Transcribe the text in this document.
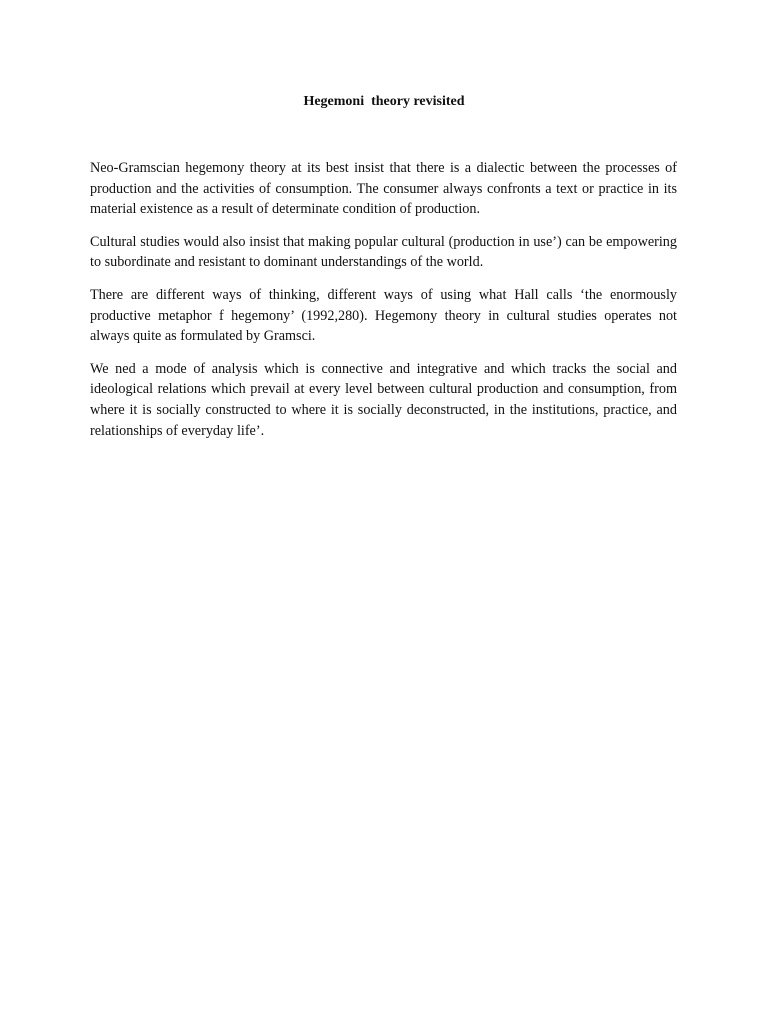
Hegemoni  theory revisited

Neo-Gramscian hegemony theory at its best insist that there is a dialectic between the processes of production and the activities of consumption. The consumer always confronts a text or practice in its material existence as a result of determinate condition of production.

Cultural studies would also insist that making popular cultural (production in use’) can be empowering to subordinate and resistant to dominant understandings of the world.

There are different ways of thinking, different ways of using what Hall calls ‘the enormously productive metaphor f hegemony’ (1992,280). Hegemony theory in cultural studies operates not always quite as formulated by Gramsci.

We ned a mode of analysis which is connective and integrative and which tracks the social and ideological relations which prevail at every level between cultural production and consumption, from where it is socially constructed to where it is socially deconstructed, in the institutions, practice, and relationships of everyday life’.
